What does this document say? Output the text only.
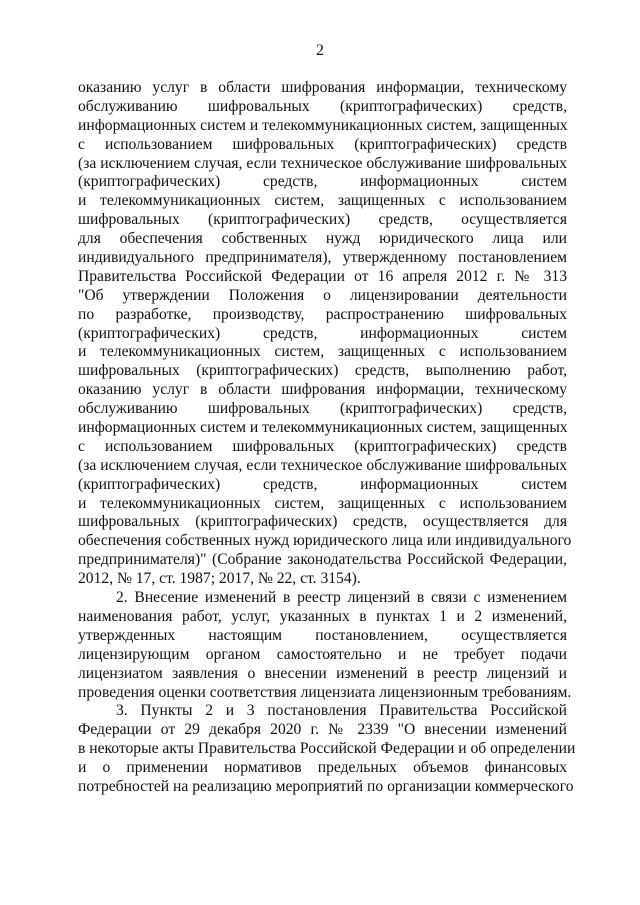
2
оказанию услуг в области шифрования информации, техническому
обслуживанию шифровальных (криптографических) средств,
информационных систем и телекоммуникационных систем, защищенных
с использованием шифровальных (криптографических) средств
(за исключением случая, если техническое обслуживание шифровальных
(криптографических) средств, информационных систем
и телекоммуникационных систем, защищенных с использованием
шифровальных (криптографических) средств, осуществляется
для обеспечения собственных нужд юридического лица или
индивидуального предпринимателя), утвержденному постановлением
Правительства Российской Федерации от 16 апреля 2012 г. № 313
"Об утверждении Положения о лицензировании деятельности
по разработке, производству, распространению шифровальных
(криптографических) средств, информационных систем
и телекоммуникационных систем, защищенных с использованием
шифровальных (криптографических) средств, выполнению работ,
оказанию услуг в области шифрования информации, техническому
обслуживанию шифровальных (криптографических) средств,
информационных систем и телекоммуникационных систем, защищенных
с использованием шифровальных (криптографических) средств
(за исключением случая, если техническое обслуживание шифровальных
(криптографических) средств, информационных систем
и телекоммуникационных систем, защищенных с использованием
шифровальных (криптографических) средств, осуществляется для
обеспечения собственных нужд юридического лица или индивидуального
предпринимателя)" (Собрание законодательства Российской Федерации,
2012, № 17, ст. 1987; 2017, № 22, ст. 3154).
2. Внесение изменений в реестр лицензий в связи с изменением
наименования работ, услуг, указанных в пунктах 1 и 2 изменений,
утвержденных настоящим постановлением, осуществляется
лицензирующим органом самостоятельно и не требует подачи
лицензиатом заявления о внесении изменений в реестр лицензий и
проведения оценки соответствия лицензиата лицензионным требованиям.
3. Пункты 2 и 3 постановления Правительства Российской
Федерации от 29 декабря 2020 г. № 2339 "О внесении изменений
в некоторые акты Правительства Российской Федерации и об определении
и о применении нормативов предельных объемов финансовых
потребностей на реализацию мероприятий по организации коммерческого
